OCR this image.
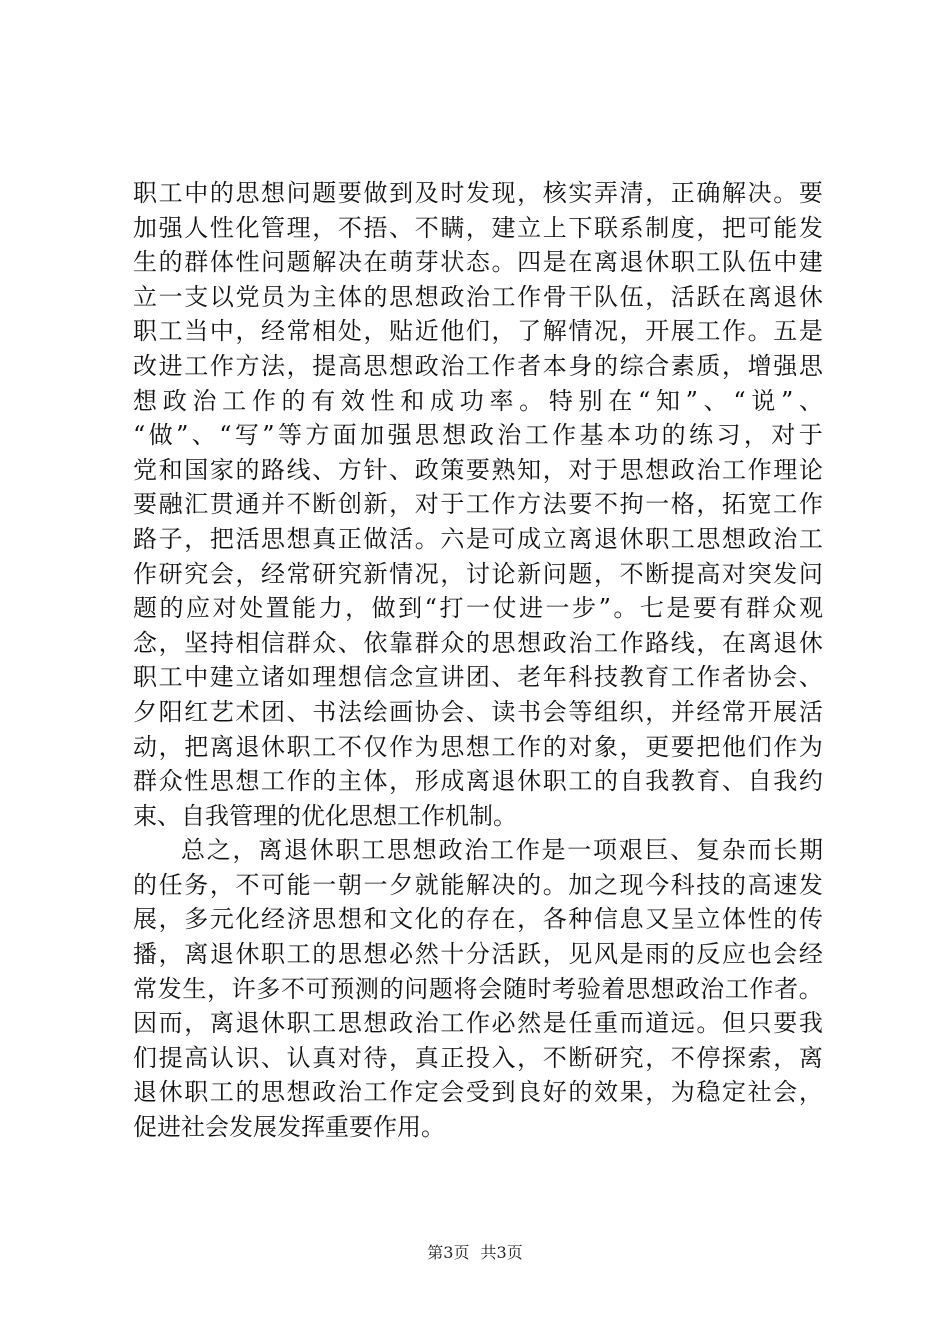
职 工 中 的 思 想 问 题 要 做 到 及 时 发 现 ， 核 实 弄 清 ， 正 确 解 决 。 要
加 强 人 性 化 管 理 ， 不 捂 、 不 瞒 ， 建 立 上 下 联 系 制 度 ， 把 可 能 发
生 的 群 体 性 问 题 解 决 在 萌 芽 状 态 。 四 是 在 离 退 休 职 工 队 伍 中 建
立 一 支 以 党 员 为 主 体 的 思 想 政 治 工 作 骨 干 队 伍 ， 活 跃 在 离 退 休
职 工 当 中 ， 经 常 相 处 ， 贴 近 他 们 ， 了 解 情 况 ， 开 展 工 作 。 五 是
改 进 工 作 方 法 ， 提 高 思 想 政 治 工 作 者 本 身 的 综 合 素 质 ， 增 强 思
想 政 治 工 作 的 有 效 性 和 成 功 率 。 特 别 在 “ 知 ” 、 “ 说 ” 、
“ 做 ” 、 “ 写 ” 等 方 面 加 强 思 想 政 治 工 作 基 本 功 的 练 习 ， 对 于
党 和 国 家 的 路 线 、 方 针 、 政 策 要 熟 知 ， 对 于 思 想 政 治 工 作 理 论
要 融 汇 贯 通 并 不 断 创 新 ， 对 于 工 作 方 法 要 不 拘 一 格 ， 拓 宽 工 作
路 子 ， 把 活 思 想 真 正 做 活 。 六 是 可 成 立 离 退 休 职 工 思 想 政 治 工
作 研 究 会 ， 经 常 研 究 新 情 况 ， 讨 论 新 问 题 ， 不 断 提 高 对 突 发 问
题 的 应 对 处 置 能 力 ， 做 到 “ 打 一 仗 进 一 步 ” 。 七 是 要 有 群 众 观
念 ， 坚 持 相 信 群 众 、 依 靠 群 众 的 思 想 政 治 工 作 路 线 ， 在 离 退 休
职 工 中 建 立 诸 如 理 想 信 念 宣 讲 团 、 老 年 科 技 教 育 工 作 者 协 会 、
夕 阳 红 艺 术 团 、 书 法 绘 画 协 会 、 读 书 会 等 组 织 ， 并 经 常 开 展 活
动 ， 把 离 退 休 职 工 不 仅 作 为 思 想 工 作 的 对 象 ， 更 要 把 他 们 作 为
群 众 性 思 想 工 作 的 主 体 ， 形 成 离 退 休 职 工 的 自 我 教 育 、 自 我 约
束、自我管理的优化思想工作机制。
总 之 ， 离 退 休 职 工 思 想 政 治 工 作 是 一 项 艰 巨 、 复 杂 而 长 期
的 任 务 ， 不 可 能 一 朝 一 夕 就 能 解 决 的 。 加 之 现 今 科 技 的 高 速 发
展 ， 多 元 化 经 济 思 想 和 文 化 的 存 在 ， 各 种 信 息 又 呈 立 体 性 的 传
播 ， 离 退 休 职 工 的 思 想 必 然 十 分 活 跃 ， 见 风 是 雨 的 反 应 也 会 经
常 发 生 ， 许 多 不 可 预 测 的 问 题 将 会 随 时 考 验 着 思 想 政 治 工 作 者 。
因 而 ， 离 退 休 职 工 思 想 政 治 工 作 必 然 是 任 重 而 道 远 。 但 只 要 我
们 提 高 认 识 、 认 真 对 待 ， 真 正 投 入 ， 不 断 研 究 ， 不 停 探 索 ， 离
退 休 职 工 的 思 想 政 治 工 作 定 会 受 到 良 好 的 效 果 ， 为 稳 定 社 会 ，
促进社会发展发挥重要作用。
第3页 共3页
